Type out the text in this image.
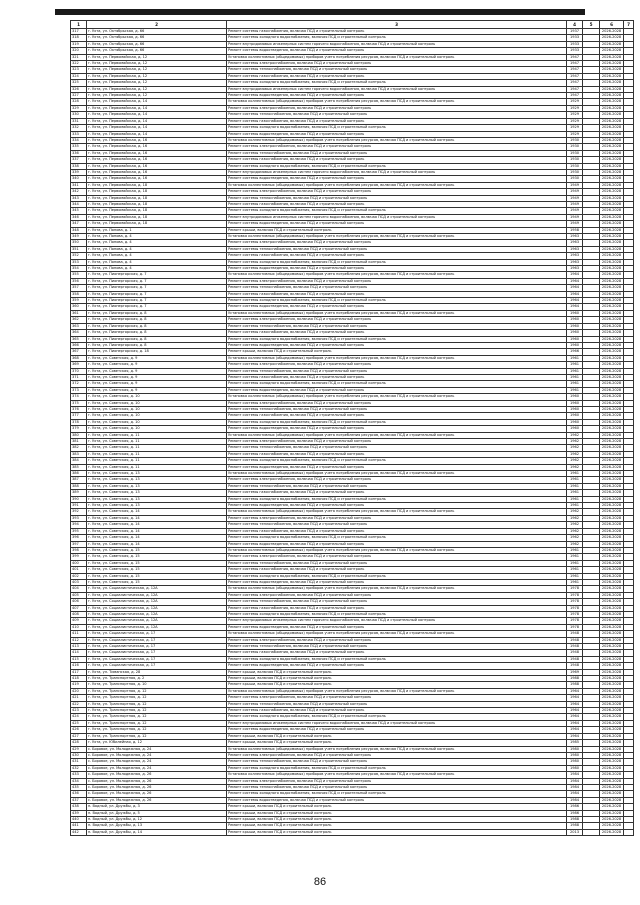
1	2	3	4	5	6	7
317	г. Ухта, ул. Октябрьская, д. 66	Ремонт системы газоснабжения, включая ПСД и строительный контроль	1937		2026-2028	
318	г. Ухта, ул. Октябрьская, д. 66	Ремонт системы холодного водоснабжения, включая ПСД и строительный контроль	1933		2026-2028	
319	г. Ухта, ул. Октябрьская, д. 66	Ремонт внутридомовых инженерных систем горячего водоснабжения, включая ПСД и строительный контроль	1933		2026-2028	
320	г. Ухта, ул. Октябрьская, д. 66	Ремонт системы водоотведения, включая ПСД и строительный контроль	1933		2026-2028	
321	г. Ухта, ул. Первомайская, д. 12	Установка коллективных (общедомовых) приборов учета потребления ресурсов, включая ПСД и строительный контроль	1947		2026-2028	
322	г. Ухта, ул. Первомайская, д. 12	Ремонт системы электроснабжения, включая ПСД и строительный контроль	1947		2026-2028	
323	г. Ухта, ул. Первомайская, д. 12	Ремонт системы теплоснабжения, включая ПСД и строительный контроль	1947		2026-2028	
324	г. Ухта, ул. Первомайская, д. 12	Ремонт системы газоснабжения, включая ПСД и строительный контроль	1947		2026-2028	
325	г. Ухта, ул. Первомайская, д. 12	Ремонт системы холодного водоснабжения, включая ПСД и строительный контроль	1947		2026-2028	
326	г. Ухта, ул. Первомайская, д. 12	Ремонт внутридомовых инженерных систем горячего водоснабжения, включая ПСД и строительный контроль	1947		2026-2028	
327	г. Ухта, ул. Первомайская, д. 12	Ремонт системы водоотведения, включая ПСД и строительный контроль	1947		2026-2028	
328	г. Ухта, ул. Первомайская, д. 14	Установка коллективных (общедомовых) приборов учета потребления ресурсов, включая ПСД и строительный контроль	1929		2026-2028	
329	г. Ухта, ул. Первомайская, д. 14	Ремонт системы электроснабжения, включая ПСД и строительный контроль	1929		2026-2028	
330	г. Ухта, ул. Первомайская, д. 14	Ремонт системы теплоснабжения, включая ПСД и строительный контроль	1929		2026-2028	
331	г. Ухта, ул. Первомайская, д. 14	Ремонт системы газоснабжения, включая ПСД и строительный контроль	1929		2026-2028	
332	г. Ухта, ул. Первомайская, д. 14	Ремонт системы холодного водоснабжения, включая ПСД и строительный контроль	1929		2026-2028	
333	г. Ухта, ул. Первомайская, д. 14	Ремонт системы водоотведения, включая ПСД и строительный контроль	1929		2026-2028	
334	г. Ухта, ул. Первомайская, д. 16	Установка коллективных (общедомовых) приборов учета потребления ресурсов, включая ПСД и строительный контроль	1930		2026-2028	
335	г. Ухта, ул. Первомайская, д. 16	Ремонт системы электроснабжения, включая ПСД и строительный контроль	1930		2026-2028	
336	г. Ухта, ул. Первомайская, д. 16	Ремонт системы теплоснабжения, включая ПСД и строительный контроль	1930		2026-2028	
337	г. Ухта, ул. Первомайская, д. 16	Ремонт системы газоснабжения, включая ПСД и строительный контроль	1930		2026-2028	
338	г. Ухта, ул. Первомайская, д. 16	Ремонт системы холодного водоснабжения, включая ПСД и строительный контроль	1930		2026-2028	
339	г. Ухта, ул. Первомайская, д. 16	Ремонт внутридомовых инженерных систем горячего водоснабжения, включая ПСД и строительный контроль	1930		2026-2028	
340	г. Ухта, ул. Первомайская, д. 16	Ремонт системы водоотведения, включая ПСД и строительный контроль	1930		2026-2028	
341	г. Ухта, ул. Первомайская, д. 18	Установка коллективных (общедомовых) приборов учета потребления ресурсов, включая ПСД и строительный контроль	1949		2026-2028	
342	г. Ухта, ул. Первомайская, д. 18	Ремонт системы электроснабжения, включая ПСД и строительный контроль	1949		2026-2028	
343	г. Ухта, ул. Первомайская, д. 18	Ремонт системы теплоснабжения, включая ПСД и строительный контроль	1949		2026-2028	
344	г. Ухта, ул. Первомайская, д. 18	Ремонт системы газоснабжения, включая ПСД и строительный контроль	1949		2026-2028	
345	г. Ухта, ул. Первомайская, д. 18	Ремонт системы холодного водоснабжения, включая ПСД и строительный контроль	1949		2026-2028	
346	г. Ухта, ул. Первомайская, д. 18	Ремонт внутридомовых инженерных систем горячего водоснабжения, включая ПСД и строительный контроль	1949		2026-2028	
347	г. Ухта, ул. Первомайская, д. 18	Ремонт системы водоотведения, включая ПСД и строительный контроль	1949		2026-2028	
348	г. Ухта, ул. Попова, д. 1	Ремонт крыши, включая ПСД и строительный контроль	1958		2026-2028	
349	г. Ухта, ул. Попова, д. 4	Установка коллективных (общедомовых) приборов учета потребления ресурсов, включая ПСД и строительный контроль	1963		2026-2028	
350	г. Ухта, ул. Попова, д. 4	Ремонт системы электроснабжения, включая ПСД и строительный контроль	1963		2026-2028	
351	г. Ухта, ул. Попова, д. 4	Ремонт системы теплоснабжения, включая ПСД и строительный контроль	1963		2026-2028	
352	г. Ухта, ул. Попова, д. 4	Ремонт системы газоснабжения, включая ПСД и строительный контроль	1963		2026-2028	
353	г. Ухта, ул. Попова, д. 4	Ремонт системы холодного водоснабжения, включая ПСД и строительный контроль	1963		2026-2028	
354	г. Ухта, ул. Попова, д. 4	Ремонт системы водоотведения, включая ПСД и строительный контроль	1963		2026-2028	
355	г. Ухта, ул. Пионергорская, д. 7	Установка коллективных (общедомовых) приборов учета потребления ресурсов, включая ПСД и строительный контроль	1964		2026-2028	
356	г. Ухта, ул. Пионергорская, д. 7	Ремонт системы электроснабжения, включая ПСД и строительный контроль	1964		2026-2028	
357	г. Ухта, ул. Пионергорская, д. 7	Ремонт системы теплоснабжения, включая ПСД и строительный контроль	1964		2026-2028	
358	г. Ухта, ул. Пионергорская, д. 7	Ремонт системы газоснабжения, включая ПСД и строительный контроль	1964		2026-2028	
359	г. Ухта, ул. Пионергорская, д. 7	Ремонт системы холодного водоснабжения, включая ПСД и строительный контроль	1964		2026-2028	
360	г. Ухта, ул. Пионергорская, д. 7	Ремонт системы водоотведения, включая ПСД и строительный контроль	1964		2026-2028	
361	г. Ухта, ул. Пионергорская, д. 8	Установка коллективных (общедомовых) приборов учета потребления ресурсов, включая ПСД и строительный контроль	1960		2026-2028	
362	г. Ухта, ул. Пионергорская, д. 8	Ремонт системы электроснабжения, включая ПСД и строительный контроль	1960		2026-2028	
363	г. Ухта, ул. Пионергорская, д. 8	Ремонт системы теплоснабжения, включая ПСД и строительный контроль	1960		2026-2028	
364	г. Ухта, ул. Пионергорская, д. 8	Ремонт системы газоснабжения, включая ПСД и строительный контроль	1960		2026-2028	
365	г. Ухта, ул. Пионергорская, д. 8	Ремонт системы холодного водоснабжения, включая ПСД и строительный контроль	1960		2026-2028	
366	г. Ухта, ул. Пионергорская, д. 8	Ремонт системы водоотведения, включая ПСД и строительный контроль	1960		2026-2028	
367	г. Ухта, ул. Пионергорская, д. 18	Ремонт крыши, включая ПСД и строительный контроль	1966		2026-2028	
368	г. Ухта, ул. Советская, д. 9	Установка коллективных (общедомовых) приборов учета потребления ресурсов, включая ПСД и строительный контроль	1961		2026-2028	
369	г. Ухта, ул. Советская, д. 9	Ремонт системы электроснабжения, включая ПСД и строительный контроль	1961		2026-2028	
370	г. Ухта, ул. Советская, д. 9	Ремонт системы теплоснабжения, включая ПСД и строительный контроль	1961		2026-2028	
371	г. Ухта, ул. Советская, д. 9	Ремонт системы газоснабжения, включая ПСД и строительный контроль	1961		2026-2028	
372	г. Ухта, ул. Советская, д. 9	Ремонт системы холодного водоснабжения, включая ПСД и строительный контроль	1961		2026-2028	
373	г. Ухта, ул. Советская, д. 9	Ремонт системы водоотведения, включая ПСД и строительный контроль	1961		2026-2028	
374	г. Ухта, ул. Советская, д. 10	Установка коллективных (общедомовых) приборов учета потребления ресурсов, включая ПСД и строительный контроль	1960		2026-2028	
375	г. Ухта, ул. Советская, д. 10	Ремонт системы электроснабжения, включая ПСД и строительный контроль	1960		2026-2028	
376	г. Ухта, ул. Советская, д. 10	Ремонт системы теплоснабжения, включая ПСД и строительный контроль	1960		2026-2028	
377	г. Ухта, ул. Советская, д. 10	Ремонт системы газоснабжения, включая ПСД и строительный контроль	1960		2026-2028	
378	г. Ухта, ул. Советская, д. 10	Ремонт системы холодного водоснабжения, включая ПСД и строительный контроль	1960		2026-2028	
379	г. Ухта, ул. Советская, д. 10	Ремонт системы водоотведения, включая ПСД и строительный контроль	1960		2026-2028	
380	г. Ухта, ул. Советская, д. 11	Установка коллективных (общедомовых) приборов учета потребления ресурсов, включая ПСД и строительный контроль	1962		2026-2028	
381	г. Ухта, ул. Советская, д. 11	Ремонт системы электроснабжения, включая ПСД и строительный контроль	1962		2026-2028	
382	г. Ухта, ул. Советская, д. 11	Ремонт системы теплоснабжения, включая ПСД и строительный контроль	1962		2026-2028	
383	г. Ухта, ул. Советская, д. 11	Ремонт системы газоснабжения, включая ПСД и строительный контроль	1962		2026-2028	
384	г. Ухта, ул. Советская, д. 11	Ремонт системы холодного водоснабжения, включая ПСД и строительный контроль	1962		2026-2028	
385	г. Ухта, ул. Советская, д. 11	Ремонт системы водоотведения, включая ПСД и строительный контроль	1962		2026-2028	
386	г. Ухта, ул. Советская, д. 13	Установка коллективных (общедомовых) приборов учета потребления ресурсов, включая ПСД и строительный контроль	1961		2026-2028	
387	г. Ухта, ул. Советская, д. 13	Ремонт системы электроснабжения, включая ПСД и строительный контроль	1961		2026-2028	
388	г. Ухта, ул. Советская, д. 13	Ремонт системы теплоснабжения, включая ПСД и строительный контроль	1961		2026-2028	
389	г. Ухта, ул. Советская, д. 13	Ремонт системы газоснабжения, включая ПСД и строительный контроль	1961		2026-2028	
390	г. Ухта, ул. Советская, д. 13	Ремонт системы холодного водоснабжения, включая ПСД и строительный контроль	1961		2026-2028	
391	г. Ухта, ул. Советская, д. 13	Ремонт системы водоотведения, включая ПСД и строительный контроль	1961		2026-2028	
392	г. Ухта, ул. Советская, д. 14	Установка коллективных (общедомовых) приборов учета потребления ресурсов, включая ПСД и строительный контроль	1962		2026-2028	
393	г. Ухта, ул. Советская, д. 14	Ремонт системы электроснабжения, включая ПСД и строительный контроль	1962		2026-2028	
394	г. Ухта, ул. Советская, д. 14	Ремонт системы теплоснабжения, включая ПСД и строительный контроль	1962		2026-2028	
395	г. Ухта, ул. Советская, д. 14	Ремонт системы газоснабжения, включая ПСД и строительный контроль	1962		2026-2028	
396	г. Ухта, ул. Советская, д. 14	Ремонт системы холодного водоснабжения, включая ПСД и строительный контроль	1962		2026-2028	
397	г. Ухта, ул. Советская, д. 14	Ремонт системы водоотведения, включая ПСД и строительный контроль	1962		2026-2028	
398	г. Ухта, ул. Советская, д. 15	Установка коллективных (общедомовых) приборов учета потребления ресурсов, включая ПСД и строительный контроль	1961		2026-2028	
399	г. Ухта, ул. Советская, д. 15	Ремонт системы электроснабжения, включая ПСД и строительный контроль	1961		2026-2028	
400	г. Ухта, ул. Советская, д. 15	Ремонт системы теплоснабжения, включая ПСД и строительный контроль	1961		2026-2028	
401	г. Ухта, ул. Советская, д. 15	Ремонт системы газоснабжения, включая ПСД и строительный контроль	1961		2026-2028	
402	г. Ухта, ул. Советская, д. 15	Ремонт системы холодного водоснабжения, включая ПСД и строительный контроль	1961		2026-2028	
403	г. Ухта, ул. Советская, д. 15	Ремонт системы водоотведения, включая ПСД и строительный контроль	1961		2026-2028	
404	г. Ухта, ул. Социалистическая, д. 12А	Установка коллективных (общедомовых) приборов учета потребления ресурсов, включая ПСД и строительный контроль	1978		2026-2028	
405	г. Ухта, ул. Социалистическая, д. 12А	Ремонт системы электроснабжения, включая ПСД и строительный контроль	1978		2026-2028	
406	г. Ухта, ул. Социалистическая, д. 12А	Ремонт системы теплоснабжения, включая ПСД и строительный контроль	1978		2026-2028	
407	г. Ухта, ул. Социалистическая, д. 12А	Ремонт системы газоснабжения, включая ПСД и строительный контроль	1978		2026-2028	
408	г. Ухта, ул. Социалистическая, д. 12А	Ремонт системы холодного водоснабжения, включая ПСД и строительный контроль	1978		2026-2028	
409	г. Ухта, ул. Социалистическая, д. 12А	Ремонт внутридомовых инженерных систем горячего водоснабжения, включая ПСД и строительный контроль	1978		2026-2028	
410	г. Ухта, ул. Социалистическая, д. 12А	Ремонт системы водоотведения, включая ПСД и строительный контроль	1978		2026-2028	
411	г. Ухта, ул. Социалистическая, д. 17	Установка коллективных (общедомовых) приборов учета потребления ресурсов, включая ПСД и строительный контроль	1948		2026-2028	
412	г. Ухта, ул. Социалистическая, д. 17	Ремонт системы электроснабжения, включая ПСД и строительный контроль	1948		2026-2028	
413	г. Ухта, ул. Социалистическая, д. 17	Ремонт системы теплоснабжения, включая ПСД и строительный контроль	1948		2026-2028	
414	г. Ухта, ул. Социалистическая, д. 17	Ремонт системы газоснабжения, включая ПСД и строительный контроль	1948		2026-2028	
415	г. Ухта, ул. Социалистическая, д. 17	Ремонт системы холодного водоснабжения, включая ПСД и строительный контроль	1948		2026-2028	
416	г. Ухта, ул. Социалистическая, д. 17	Ремонт системы водоотведения, включая ПСД и строительный контроль	1948		2026-2028	
417	г. Ухта, ул. Тиманская, д. 28	Ремонт крыши, включая ПСД и строительный контроль	1969		2026-2028	
418	г. Ухта, ул. Транспортная, д. 2	Ремонт крыши, включая ПСД и строительный контроль	1988		2026-2028	
419	г. Ухта, ул. Транспортная, д. 10	Ремонт крыши, включая ПСД и строительный контроль	1988		2026-2028	
420	г. Ухта, ул. Транспортная, д. 12	Установка коллективных (общедомовых) приборов учета потребления ресурсов, включая ПСД и строительный контроль	1964		2026-2028	
421	г. Ухта, ул. Транспортная, д. 12	Ремонт системы электроснабжения, включая ПСД и строительный контроль	1964		2026-2028	
422	г. Ухта, ул. Транспортная, д. 12	Ремонт системы теплоснабжения, включая ПСД и строительный контроль	1964		2026-2028	
423	г. Ухта, ул. Транспортная, д. 12	Ремонт системы газоснабжения, включая ПСД и строительный контроль	1964		2026-2028	
424	г. Ухта, ул. Транспортная, д. 12	Ремонт системы холодного водоснабжения, включая ПСД и строительный контроль	1964		2026-2028	
425	г. Ухта, ул. Транспортная, д. 12	Ремонт внутридомовых инженерных систем горячего водоснабжения, включая ПСД и строительный контроль	1964		2026-2028	
426	г. Ухта, ул. Транспортная, д. 12	Ремонт системы водоотведения, включая ПСД и строительный контроль	1964		2026-2028	
427	г. Ухта, ул. Транспортная, д. 12	Ремонт крыши, включая ПСД и строительный контроль	1964		2026-2028	
428	г. Ухта, ул. Юбилейная, д. 12	Ремонт крыши, включая ПСД и строительный контроль	1985		2026-2028	
429	с. Боровое, ул. Молодежная, д. 24	Установка коллективных (общедомовых) приборов учета потребления ресурсов, включая ПСД и строительный контроль	1980		2026-2028	
430	с. Боровое, ул. Молодежная, д. 24	Ремонт системы электроснабжения, включая ПСД и строительный контроль	1980		2026-2028	
431	с. Боровое, ул. Молодежная, д. 24	Ремонт системы теплоснабжения, включая ПСД и строительный контроль	1980		2026-2028	
432	с. Боровое, ул. Молодежная, д. 24	Ремонт системы холодного водоснабжения, включая ПСД и строительный контроль	1980		2026-2028	
433	с. Боровое, ул. Молодежная, д. 26	Установка коллективных (общедомовых) приборов учета потребления ресурсов, включая ПСД и строительный контроль	1984		2026-2028	
434	с. Боровое, ул. Молодежная, д. 26	Ремонт системы электроснабжения, включая ПСД и строительный контроль	1984		2026-2028	
435	с. Боровое, ул. Молодежная, д. 26	Ремонт системы теплоснабжения, включая ПСД и строительный контроль	1984		2026-2028	
436	с. Боровое, ул. Молодежная, д. 26	Ремонт системы холодного водоснабжения, включая ПСД и строительный контроль	1984		2026-2028	
437	с. Боровое, ул. Молодежная, д. 26	Ремонт системы водоотведения, включая ПСД и строительный контроль	1984		2026-2028	
438	п. Водный, ул. Дружбы, д. 3	Ремонт крыши, включая ПСД и строительный контроль	1986		2026-2028	
439	п. Водный, ул. Дружбы, д. 5	Ремонт крыши, включая ПСД и строительный контроль	1986		2026-2028	
440	п. Водный, ул. Дружбы, д. 12	Ремонт крыши, включая ПСД и строительный контроль	1988		2026-2028	
441	п. Водный, ул. Дружбы, д. 13	Ремонт крыши, включая ПСД и строительный контроль	1988		2026-2028	
442	п. Водный, ул. Дружбы, д. 14	Ремонт крыши, включая ПСД и строительный контроль	2013		2026-2028	
86
